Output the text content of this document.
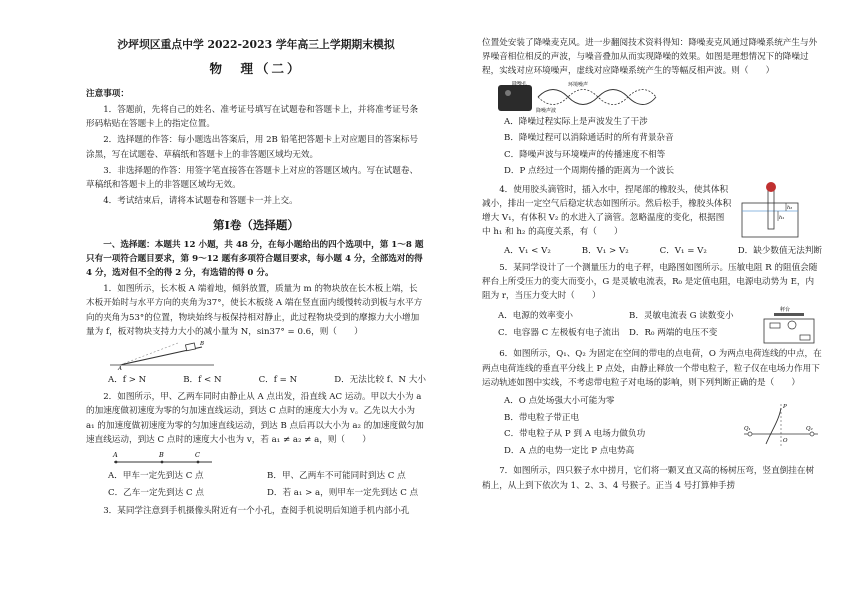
沙坪坝区重点中学 2022-2023 学年高三上学期期末模拟
物　理（二）
注意事项：

1．答题前，先将自己的姓名、准考证号填写在试题卷和答题卡上，并将准考证号条形码粘贴在答题卡上的指定位置。

2．选择题的作答：每小题选出答案后，用 2B 铅笔把答题卡上对应题目的答案标号涂黑，写在试题卷、草稿纸和答题卡上的非答题区域均无效。

3．非选择题的作答：用签字笔直接答在答题卡上对应的答题区域内。写在试题卷、草稿纸和答题卡上的非答题区域均无效。

4．考试结束后，请将本试题卷和答题卡一并上交。

第Ⅰ卷（选择题）

一、选择题：本题共 12 小题，共 48 分，在每小题给出的四个选项中，第 1～8 题只有一项符合题目要求，第 9～12 题有多项符合题目要求，每小题 4 分，全部选对的得 4 分，选对但不全的得 2 分，有选错的得 0 分。

1．如图所示，长木板 A 端着地，倾斜放置，质量为 m 的物块放在长木板上端，长木板开始时与水平方向的夹角为37°，使长木板绕 A 端在竖直面内缓慢转动到板与水平方向的夹角为53°的位置，物块始终与板保持相对静止，此过程物块受到的摩擦力大小增加量为 f，板对物块支持力大小的减小量为 N，sin37° = 0.6，则（　　）

A
B
A．f > N	B．f < N	C．f = N	D．无法比较 f、N 大小

2．如图所示，甲、乙两车同时由静止从 A 点出发，沿直线 AC 运动。甲以大小为 a 的加速度做初速度为零的匀加速直线运动，到达 C 点时的速度大小为 v。乙先以大小为 a₁ 的加速度做初速度为零的匀加速直线运动，到达 B 点后再以大小为 a₂ 的加速度做匀加速直线运动，到达 C 点时的速度大小也为 v，若 a₁ ≠ a₂ ≠ a，则（　　）

A	B	C
A．甲车一定先到达 C 点	B．甲、乙两车不可能同时到达 C 点
C．乙车一定先到达 C 点	D．若 a₁ > a，则甲车一定先到达 C 点

3．某同学注意到手机摄像头附近有一个小孔，查阅手机说明后知道手机内部小孔

位置处安装了降噪麦克风。进一步翻阅技术资料得知：降噪麦克风通过降噪系统产生与外界噪音相位相反的声波，与噪音叠加从而实现降噪的效果。如图是理想情况下的降噪过程，实线对应环境噪声，虚线对应降噪系统产生的等幅反相声波。则（　　）

降噪孔	环境噪声
降噪声波
A．降噪过程实际上是声波发生了干涉
B．降噪过程可以消除通话时的所有背景杂音
C．降噪声波与环境噪声的传播速度不相等
D．P 点经过一个周期传播的距离为一个波长

4．使用胶头滴管时，插入水中，捏尾部的橡胶头，使其体积减小，排出一定空气后稳定状态如图所示。然后松手，橡胶头体积增大 V₁，有体积 V₂ 的水进入了滴管。忽略温度的变化，根据图中 h₁ 和 h₂ 的高度关系，有（　　）

h₁
h₂
A．V₁ < V₂	B．V₁ > V₂	C．V₁ = V₂	D．缺少数值无法判断

5．某同学设计了一个测量压力的电子秤，电路图如图所示。压敏电阻 R 的阻值会随秤台上所受压力的变大而变小，G 是灵敏电流表，R₀ 是定值电阻，电源电动势为 E，内阻为 r，当压力变大时（　　）

A．电源的效率变小	B．灵敏电流表 G 读数变小
C．电容器 C 左极板有电子流出	D．R₀ 两端的电压不变
秤台

6．如图所示，Q₁、Q₂ 为固定在空间的带电的点电荷，O 为两点电荷连线的中点，在两点电荷连线的垂直平分线上 P 点处，由静止释放一个带电粒子，粒子仅在电场力作用下运动轨迹如图中实线，不考虑带电粒子对电场的影响，则下列判断正确的是（　　）

A．O 点处场强大小可能为零
B．带电粒子带正电
C．带电粒子从 P 到 A 电场力做负功
D．A 点的电势一定比 P 点电势高
P
O
Q₁	Q₂

7．如图所示，四只猴子水中捞月，它们将一颗叉直又高的杨树压弯，竖直倒挂在树梢上，从上到下依次为 1、2、3、4 号猴子。正当 4 号打算伸手捞
